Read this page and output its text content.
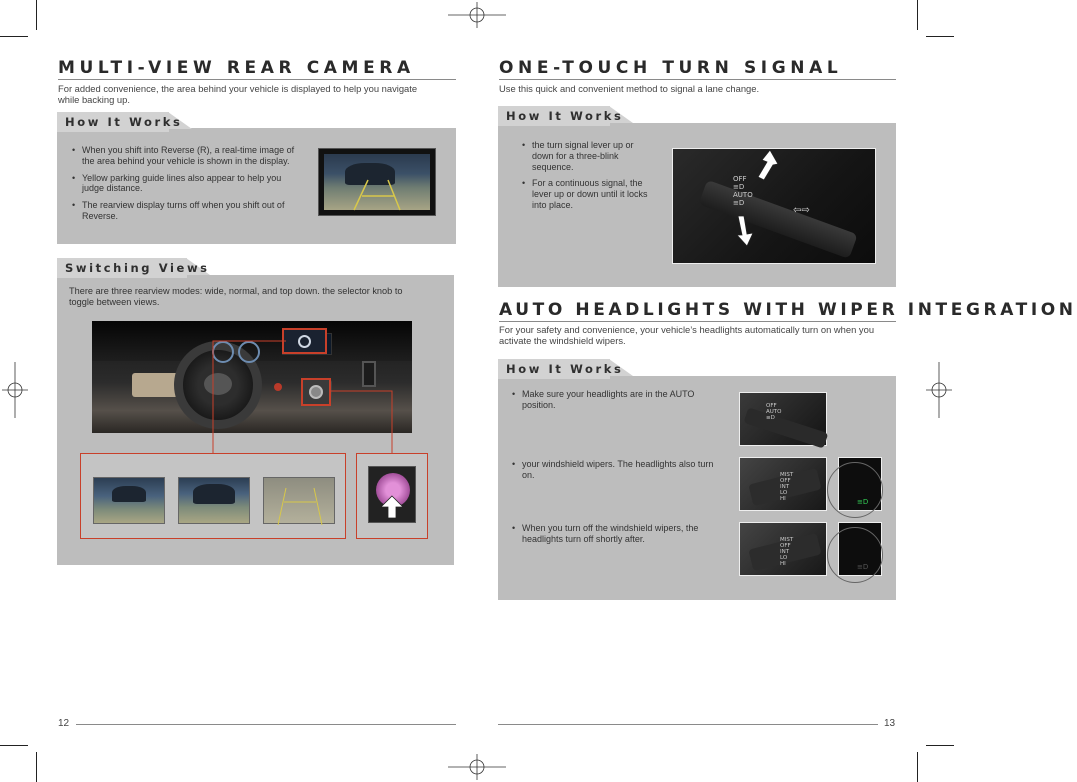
MULTI-VIEW REAR CAMERA
For added convenience, the area behind your vehicle is displayed to help you navigate while backing up.
How It Works
• When you shift into Reverse (R), a real-time image of the area behind your vehicle is shown in the display.
• Yellow parking guide lines also appear to help you judge distance.
• The rearview display turns off when you shift out of Reverse.
Switching Views
There are three rearview modes: wide, normal, and top down. the selector knob to toggle between views.
12
ONE-TOUCH TURN SIGNAL
Use this quick and convenient method to signal a lane change.
How It Works
• the turn signal lever up or down for a three-blink sequence.
• For a continuous signal, the lever up or down until it locks into place.
OFF
≡D
AUTO
≡D
⇦⇨
AUTO HEADLIGHTS WITH WIPER INTEGRATION
For your safety and convenience, your vehicle’s headlights automatically turn on when you activate the windshield wipers.
How It Works
• Make sure your headlights are in the AUTO position.
• your windshield wipers. The headlights also turn on.
• When you turn off the windshield wipers, the headlights turn off shortly after.
OFF
AUTO
≡D
MIST
OFF
INT
LO
HI	≡D
MIST
OFF
INT
LO
HI	≡D
13
